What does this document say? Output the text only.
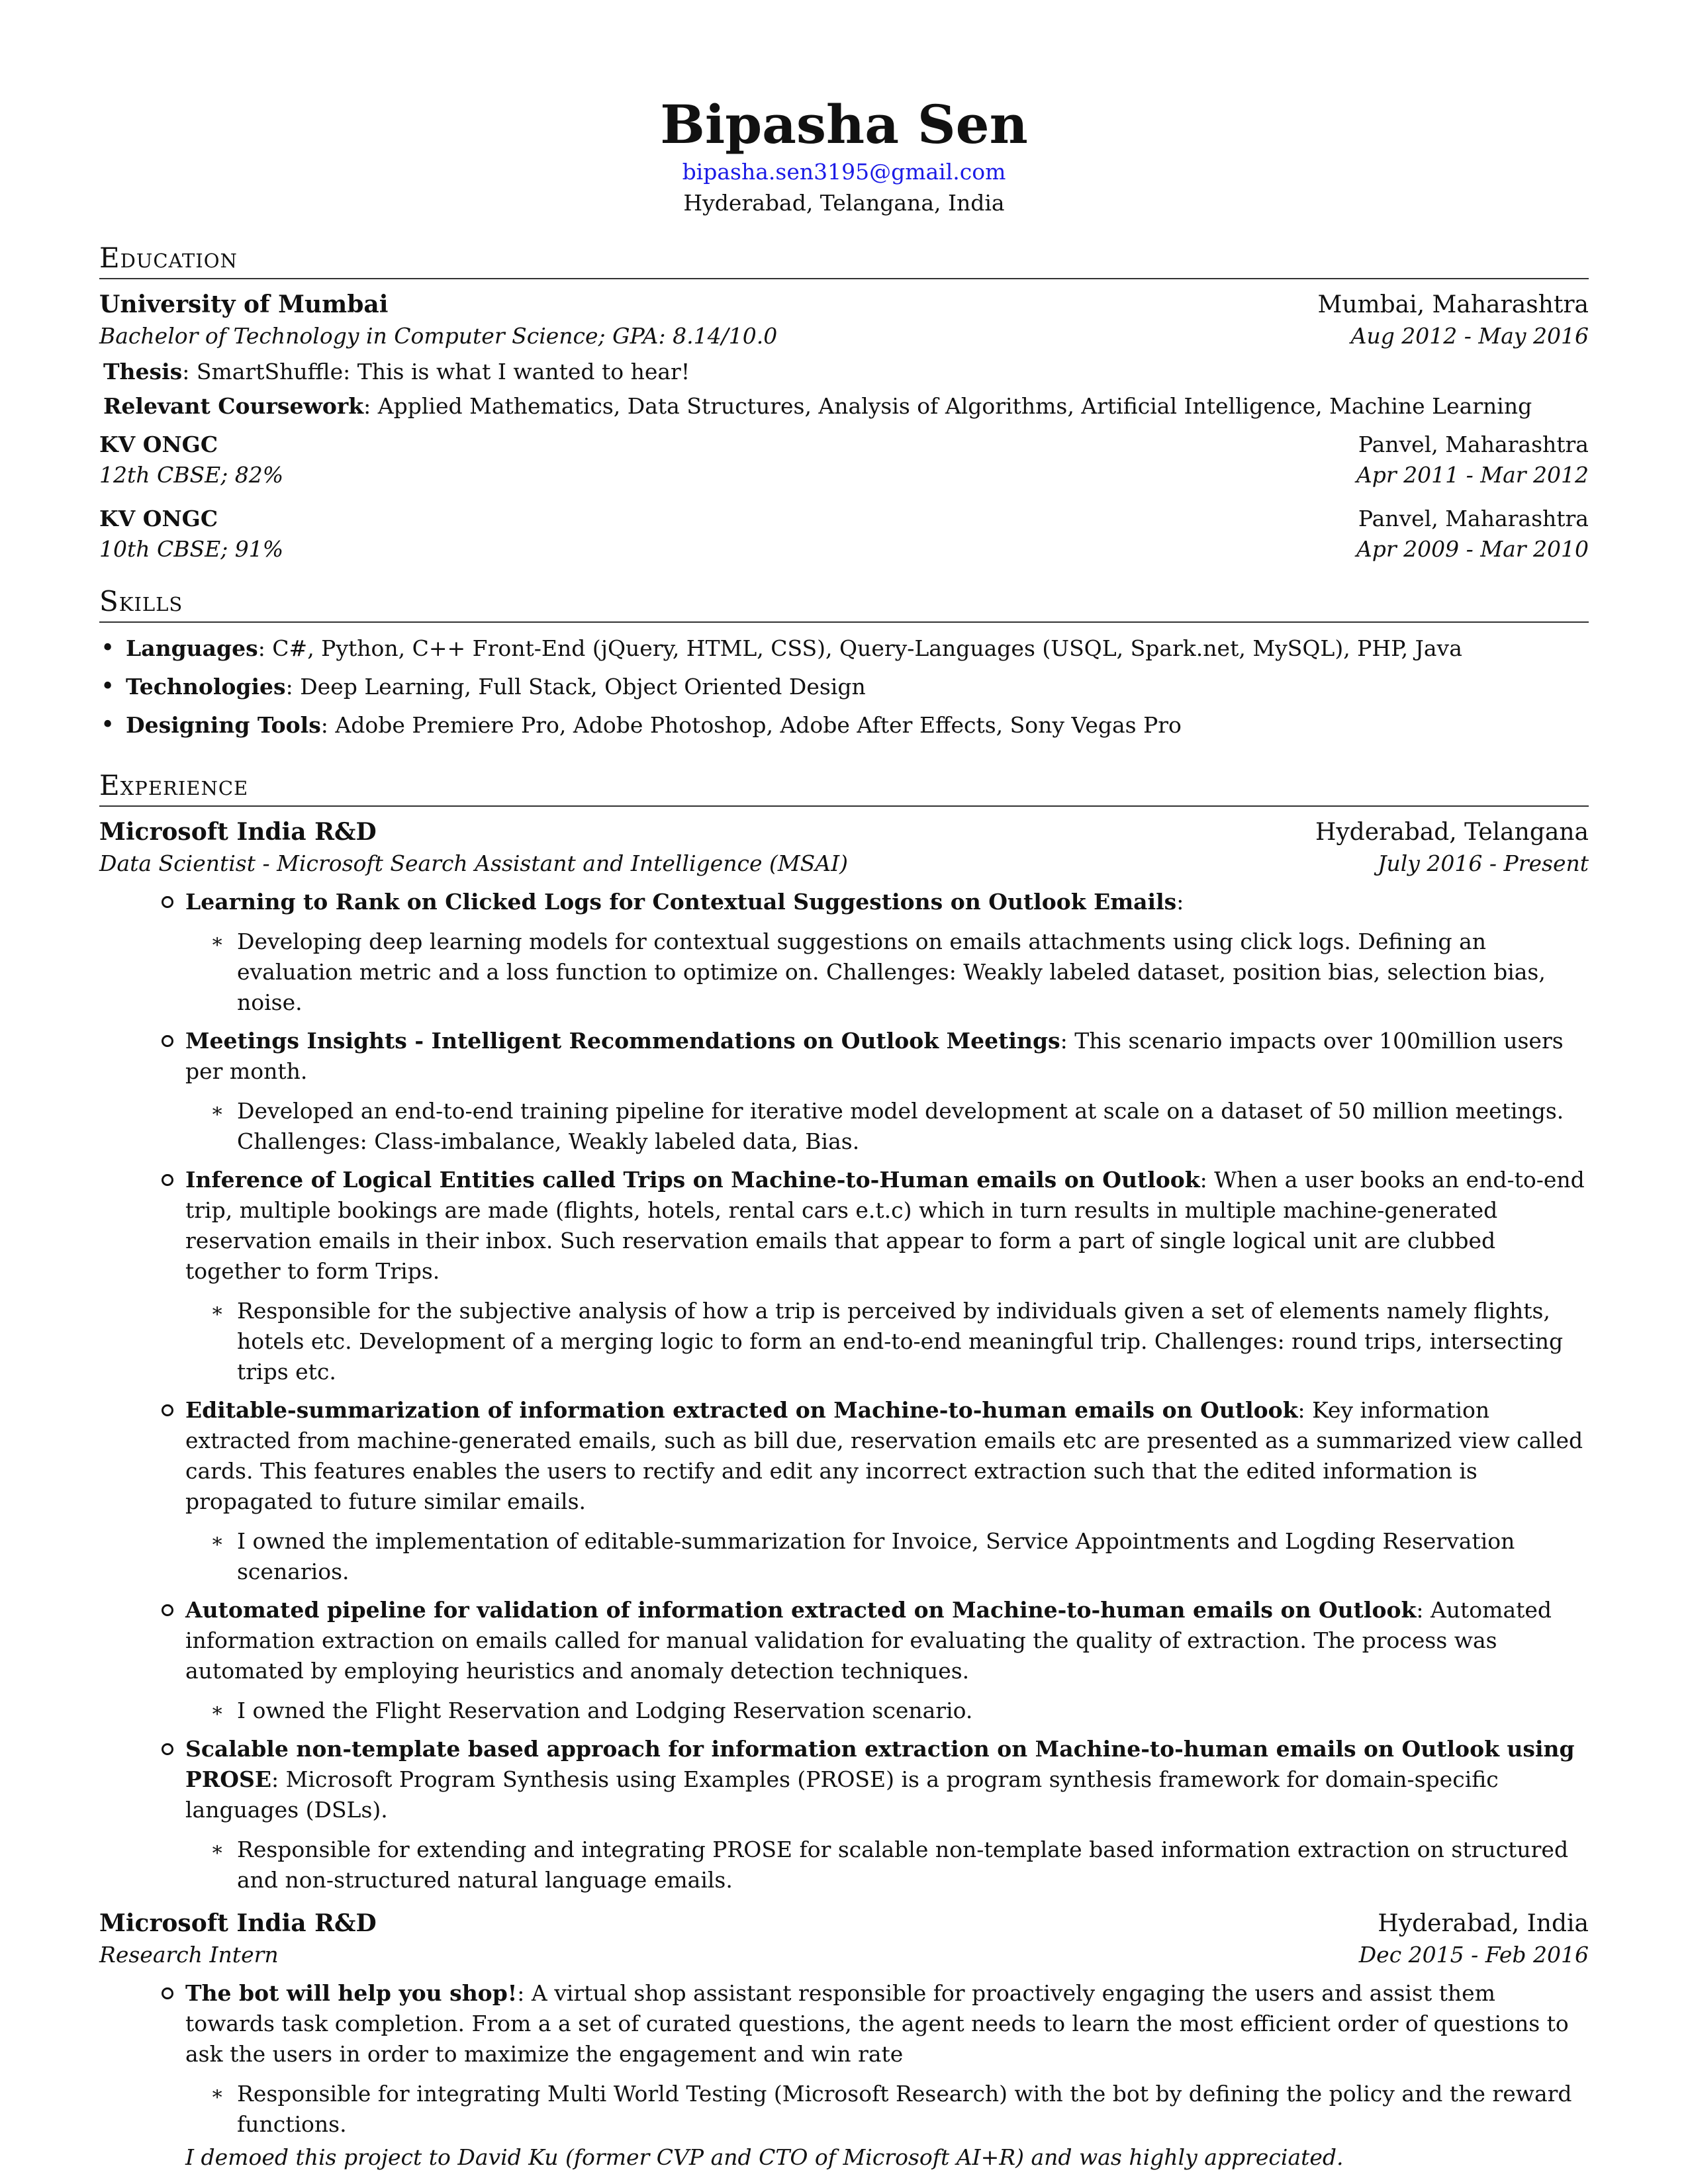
Bipasha Sen
bipasha.sen3195@gmail.com
Hyderabad, Telangana, India
Education
University of Mumbai	Mumbai, Maharashtra
Bachelor of Technology in Computer Science; GPA: 8.14/10.0	Aug 2012 - May 2016
Thesis: SmartShuffle: This is what I wanted to hear!
Relevant Coursework: Applied Mathematics, Data Structures, Analysis of Algorithms, Artificial Intelligence, Machine Learning
KV ONGC	Panvel, Maharashtra
12th CBSE; 82%	Apr 2011 - Mar 2012
KV ONGC	Panvel, Maharashtra
10th CBSE; 91%	Apr 2009 - Mar 2010
Skills
• Languages: C#, Python, C++ Front-End (jQuery, HTML, CSS), Query-Languages (USQL, Spark.net, MySQL), PHP, Java
• Technologies: Deep Learning, Full Stack, Object Oriented Design
• Designing Tools: Adobe Premiere Pro, Adobe Photoshop, Adobe After Effects, Sony Vegas Pro
Experience
Microsoft India R&D	Hyderabad, Telangana
Data Scientist - Microsoft Search Assistant and Intelligence (MSAI)	July 2016 - Present
Learning to Rank on Clicked Logs for Contextual Suggestions on Outlook Emails:
∗ Developing deep learning models for contextual suggestions on emails attachments using click logs. Defining an evaluation metric and a loss function to optimize on. Challenges: Weakly labeled dataset, position bias, selection bias, noise.
Meetings Insights - Intelligent Recommendations on Outlook Meetings: This scenario impacts over 100million users per month.
∗ Developed an end-to-end training pipeline for iterative model development at scale on a dataset of 50 million meetings. Challenges: Class-imbalance, Weakly labeled data, Bias.
Inference of Logical Entities called Trips on Machine-to-Human emails on Outlook: When a user books an end-to-end trip, multiple bookings are made (flights, hotels, rental cars e.t.c) which in turn results in multiple machine-generated reservation emails in their inbox. Such reservation emails that appear to form a part of single logical unit are clubbed together to form Trips.
∗ Responsible for the subjective analysis of how a trip is perceived by individuals given a set of elements namely flights, hotels etc. Development of a merging logic to form an end-to-end meaningful trip. Challenges: round trips, intersecting trips etc.
Editable-summarization of information extracted on Machine-to-human emails on Outlook: Key information extracted from machine-generated emails, such as bill due, reservation emails etc are presented as a summarized view called cards. This features enables the users to rectify and edit any incorrect extraction such that the edited information is propagated to future similar emails.
∗ I owned the implementation of editable-summarization for Invoice, Service Appointments and Logding Reservation scenarios.
Automated pipeline for validation of information extracted on Machine-to-human emails on Outlook: Automated information extraction on emails called for manual validation for evaluating the quality of extraction. The process was automated by employing heuristics and anomaly detection techniques.
∗ I owned the Flight Reservation and Lodging Reservation scenario.
Scalable non-template based approach for information extraction on Machine-to-human emails on Outlook using PROSE: Microsoft Program Synthesis using Examples (PROSE) is a program synthesis framework for domain-specific languages (DSLs).
∗ Responsible for extending and integrating PROSE for scalable non-template based information extraction on structured and non-structured natural language emails.
Microsoft India R&D	Hyderabad, India
Research Intern	Dec 2015 - Feb 2016
The bot will help you shop!: A virtual shop assistant responsible for proactively engaging the users and assist them towards task completion. From a a set of curated questions, the agent needs to learn the most efficient order of questions to ask the users in order to maximize the engagement and win rate
∗ Responsible for integrating Multi World Testing (Microsoft Research) with the bot by defining the policy and the reward functions.
I demoed this project to David Ku (former CVP and CTO of Microsoft AI+R) and was highly appreciated.
